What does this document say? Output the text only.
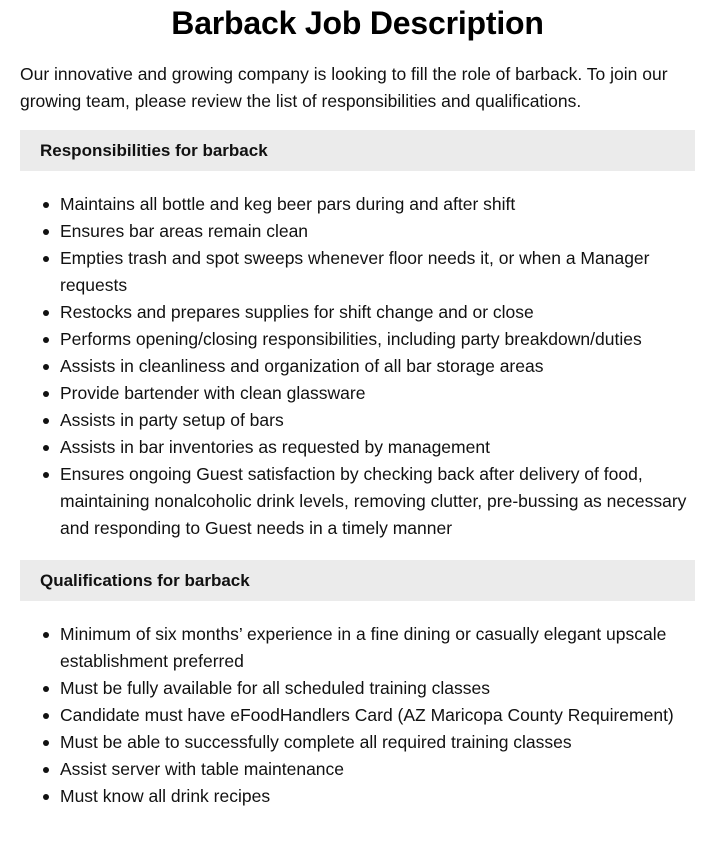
Barback Job Description

Our innovative and growing company is looking to fill the role of barback. To join our growing team, please review the list of responsibilities and qualifications.

Responsibilities for barback
Maintains all bottle and keg beer pars during and after shift
Ensures bar areas remain clean
Empties trash and spot sweeps whenever floor needs it, or when a Manager requests
Restocks and prepares supplies for shift change and or close
Performs opening/closing responsibilities, including party breakdown/duties
Assists in cleanliness and organization of all bar storage areas
Provide bartender with clean glassware
Assists in party setup of bars
Assists in bar inventories as requested by management
Ensures ongoing Guest satisfaction by checking back after delivery of food, maintaining nonalcoholic drink levels, removing clutter, pre-bussing as necessary and responding to Guest needs in a timely manner
Qualifications for barback
Minimum of six months’ experience in a fine dining or casually elegant upscale establishment preferred
Must be fully available for all scheduled training classes
Candidate must have eFoodHandlers Card (AZ Maricopa County Requirement)
Must be able to successfully complete all required training classes
Assist server with table maintenance
Must know all drink recipes
